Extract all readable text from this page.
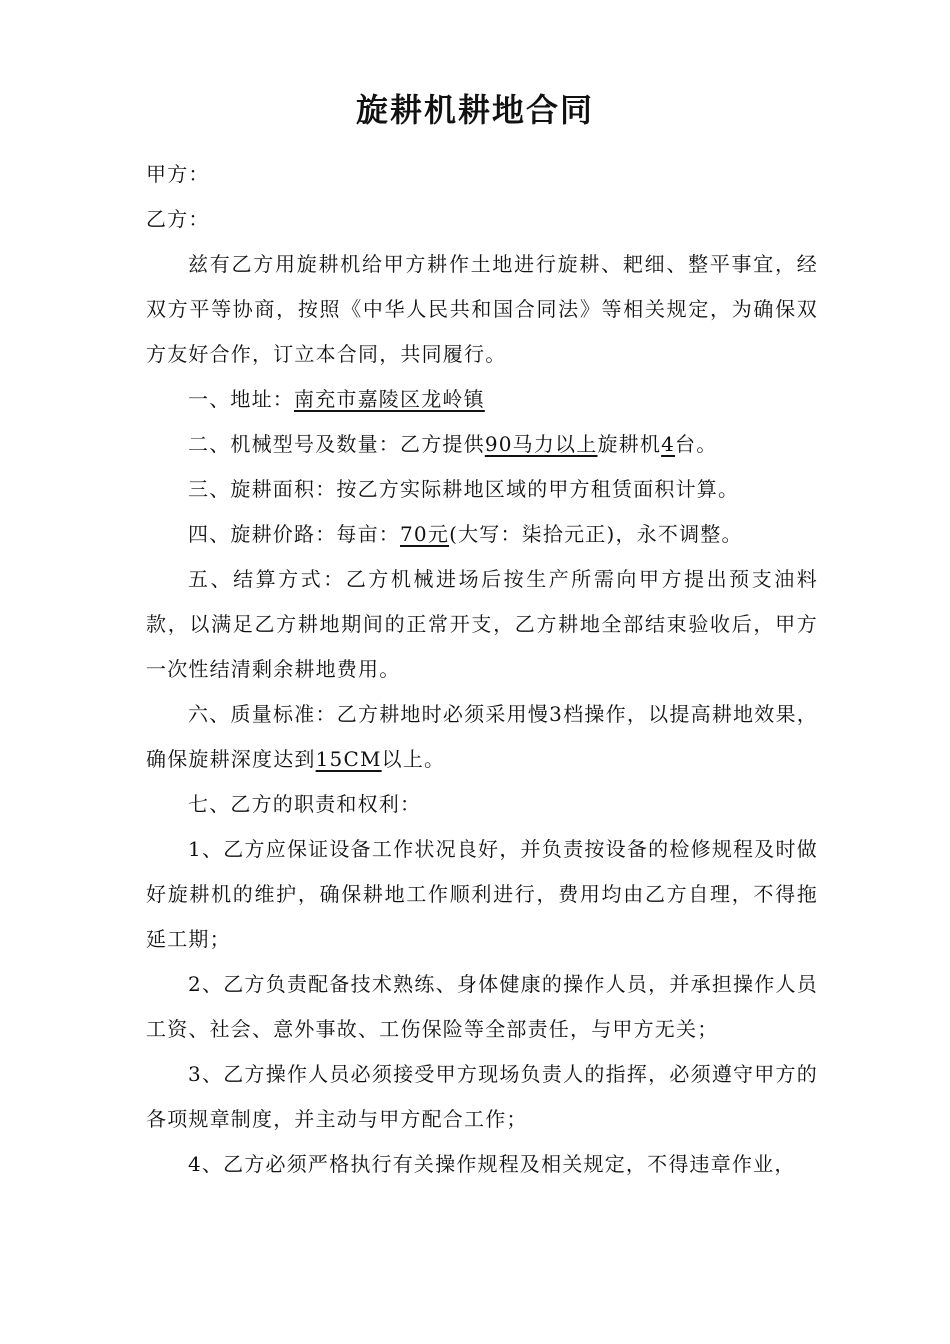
旋耕机耕地合同

甲方：

乙方：

兹有乙方用旋耕机给甲方耕作土地进行旋耕、耙细、整平事宜，经双方平等协商，按照《中华人民共和国合同法》等相关规定，为确保双方友好合作，订立本合同，共同履行。

一、地址：南充市嘉陵区龙岭镇

二、机械型号及数量：乙方提供90马力以上旋耕机4台。

三、旋耕面积：按乙方实际耕地区域的甲方租赁面积计算。

四、旋耕价路：每亩：70元(大写：柒拾元正)，永不调整。

五、结算方式：乙方机械进场后按生产所需向甲方提出预支油料款，以满足乙方耕地期间的正常开支，乙方耕地全部结束验收后，甲方一次性结清剩余耕地费用。

六、质量标准：乙方耕地时必须采用慢3档操作，以提高耕地效果，确保旋耕深度达到15CM以上。

七、乙方的职责和权利：

1、乙方应保证设备工作状况良好，并负责按设备的检修规程及时做好旋耕机的维护，确保耕地工作顺利进行，费用均由乙方自理，不得拖延工期；

2、乙方负责配备技术熟练、身体健康的操作人员，并承担操作人员工资、社会、意外事故、工伤保险等全部责任，与甲方无关；

3、乙方操作人员必须接受甲方现场负责人的指挥，必须遵守甲方的各项规章制度，并主动与甲方配合工作；

4、乙方必须严格执行有关操作规程及相关规定，不得违章作业，
